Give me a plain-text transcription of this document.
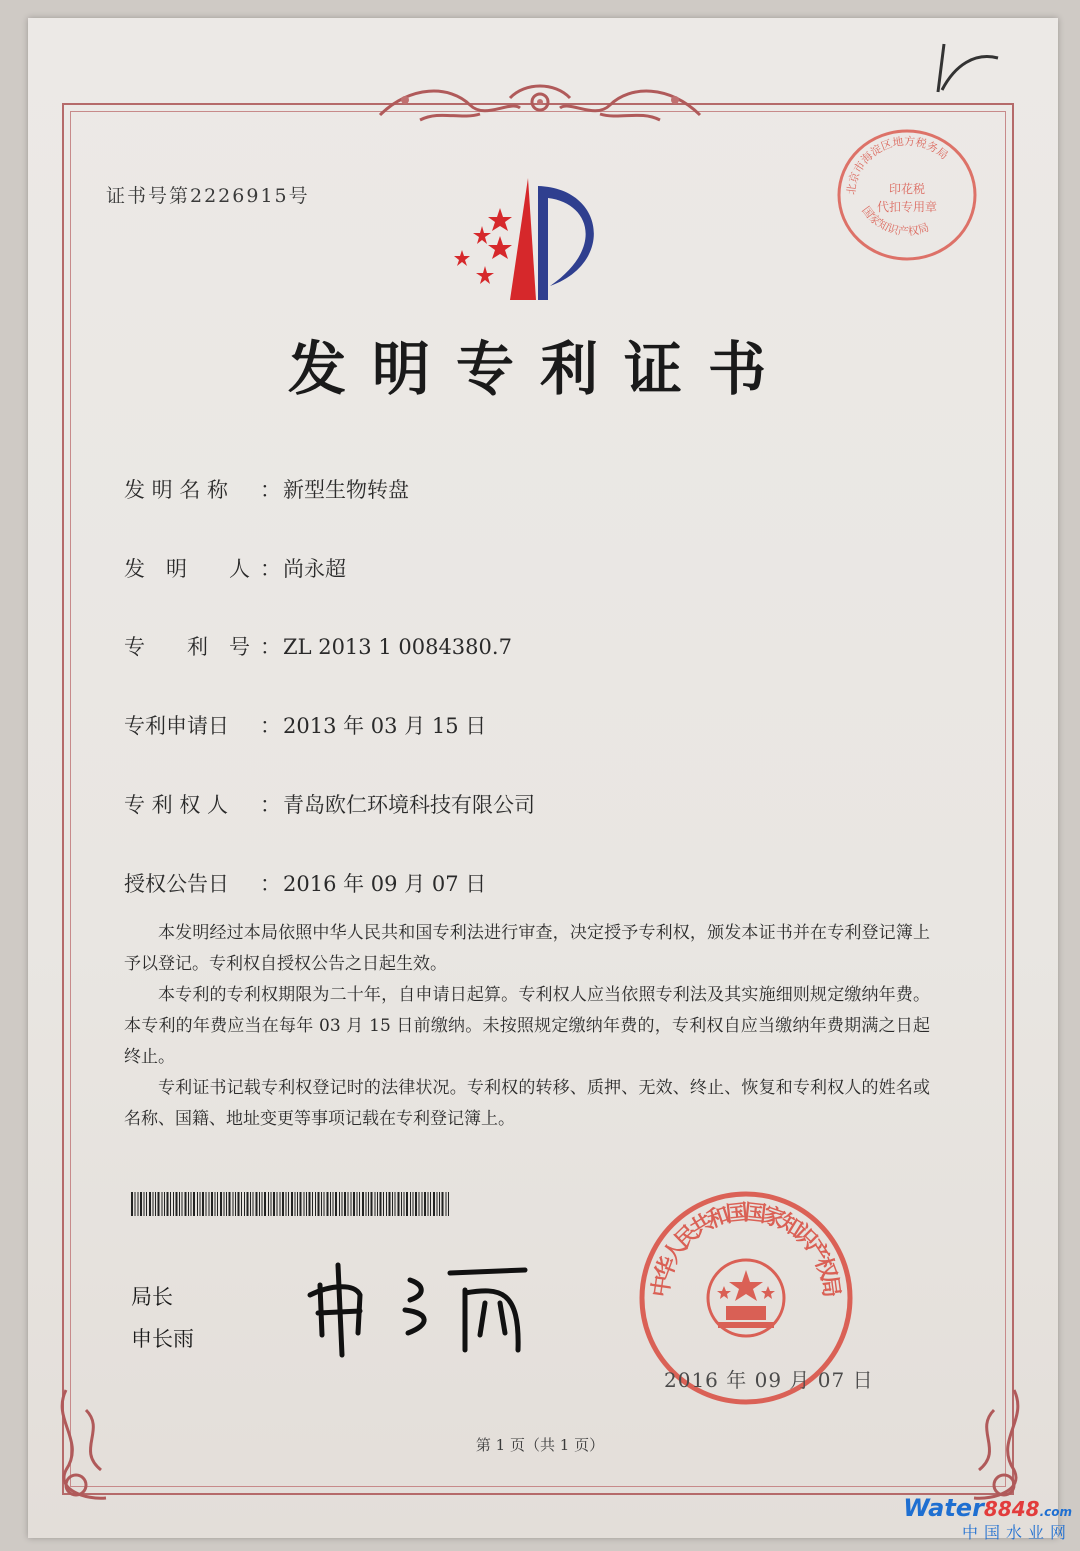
证书号第2226915号
发明专利证书
发 明 名 称 ：新型生物转盘
发　明　　人 ：尚永超
专　　利　号 ：ZL 2013 1 0084380.7
专利申请日 ：2013 年 03 月 15 日
专 利 权 人 ：青岛欧仁环境科技有限公司
授权公告日 ：2016 年 09 月 07 日

本发明经过本局依照中华人民共和国专利法进行审查，决定授予专利权，颁发本证书并在专利登记簿上予以登记。专利权自授权公告之日起生效。

本专利的专利权期限为二十年，自申请日起算。专利权人应当依照专利法及其实施细则规定缴纳年费。本专利的年费应当在每年 03 月 15 日前缴纳。未按照规定缴纳年费的，专利权自应当缴纳年费期满之日起终止。

专利证书记载专利权登记时的法律状况。专利权的转移、质押、无效、终止、恢复和专利权人的姓名或名称、国籍、地址变更等事项记载在专利登记簿上。

局长
申长雨
中华人民共和国国家知识产权局
2016 年 09 月 07 日
北京市海淀区地方税务局
印花税
代扣专用章
国家知识产权局
第 1 页（共 1 页）
Water8848.com
中国水业网
